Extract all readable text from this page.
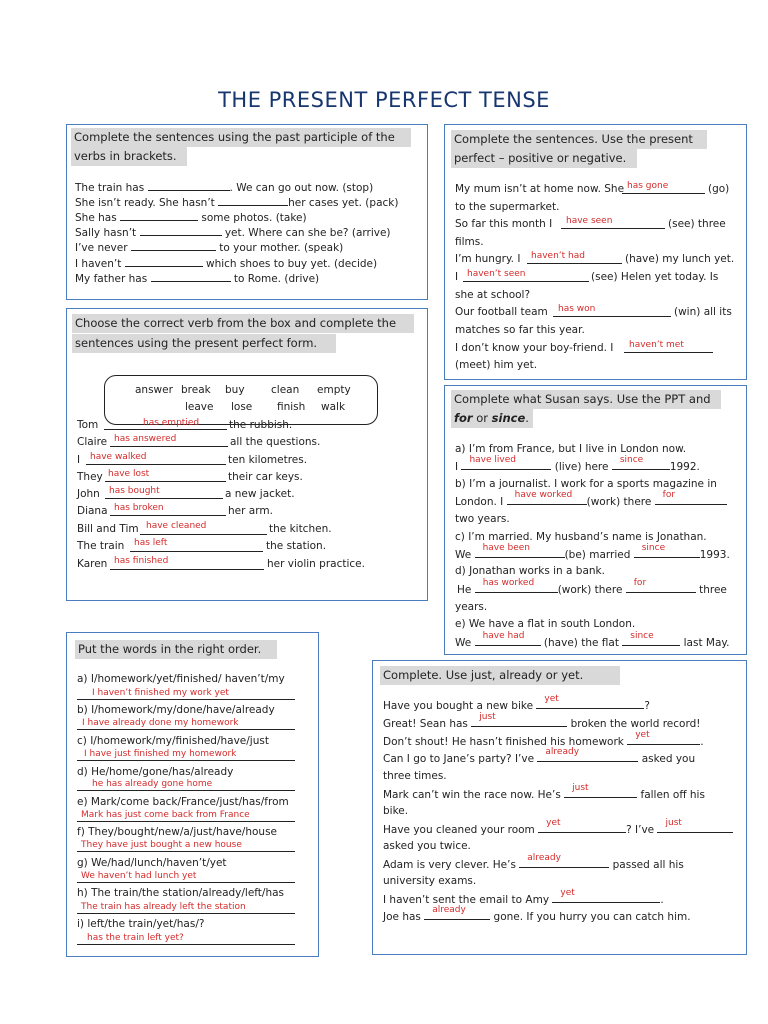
THE PRESENT PERFECT TENSE
Complete the sentences using the past participle of the
verbs in brackets.
The train has	. We can go out now. (stop)
She isn’t ready. She hasn’t	her cases yet. (pack)
She has	some photos. (take)
Sally hasn’t	yet. Where can she be? (arrive)
I’ve never	to your mother. (speak)
I haven’t	which shoes to buy yet. (decide)
My father has	to Rome. (drive)
Choose the correct verb from the box and complete the
sentences using the present perfect form.
answer break buy	clean empty
leave lose finish walk
Tom	has emptied	the rubbish.
Claire has answered	all the questions.
I have walked	ten kilometres.
They have lost	their car keys.
John has bought	a new jacket.
Diana has broken	her arm.
Bill and Tim have cleaned	the kitchen.
The train has left	the station.
Karen has finished	her violin practice.
Put the words in the right order.
a) I/homework/yet/finished/ haven’t/my
I haven’t finished my work yet
b) I/homework/my/done/have/already
I have already done my homework
c) I/homework/my/finished/have/just
I have just finished my homework
d) He/home/gone/has/already
he has already gone home
e) Mark/come back/France/just/has/from
Mark has just come back from France
f) They/bought/new/a/just/have/house
They have just bought a new house
g) We/had/lunch/haven’t/yet
We haven’t had lunch yet
h) The train/the station/already/left/has
The train has already left the station
i) left/the train/yet/has/?
has the train left yet?
Complete the sentences. Use the present
perfect – positive or negative.
My mum isn’t at home now. She has gone	(go)
to the supermarket.
So far this month I have seen	(see) three
films.
I’m hungry. I haven’t had	(have) my lunch yet.
I haven’t seen	(see) Helen yet today. Is
she at school?
Our football team has won	(win) all its
matches so far this year.
I don’t know your boy-friend. I haven’t met
(meet) him yet.
Complete what Susan says. Use the PPT and
for or since.
a) I’m from France, but I live in London now.
I
have lived
(live) here
since
1992.
b) I’m a journalist. I work for a sports magazine in
London. I
have worked
(work) there
for
two years.
c) I’m married. My husband’s name is Jonathan.
We
have been
(be) married
since
1993.
d) Jonathan works in a bank.
He
has worked
(work) there
for
three
years.
e) We have a flat in south London.
We
have had
(have) the flat
since
last May.
Complete. Use just, already or yet.
Have you bought a new bike
yet
?
Great! Sean has
just
broken the world record!
Don’t shout! He hasn’t finished his homework
yet
.
Can I go to Jane’s party? I’ve
already
asked you
three times.
Mark can’t win the race now. He’s
just
fallen off his
bike.
Have you cleaned your room
yet
? I’ve
just
asked you twice.
Adam is very clever. He’s
already
passed all his
university exams.
I haven’t sent the email to Amy
yet
.
Joe has
already
gone. If you hurry you can catch him.
